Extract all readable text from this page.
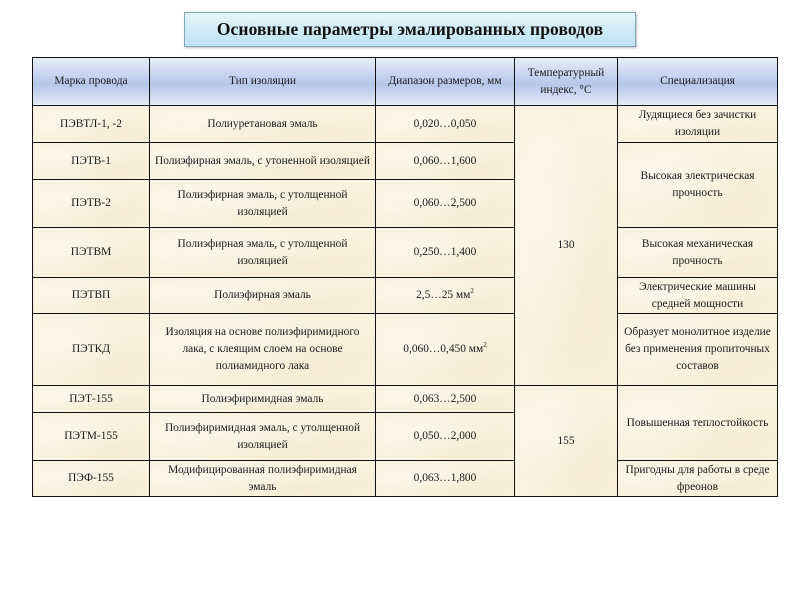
Основные параметры эмалированных проводов
Марка провода	Тип изоляции	Диапазон размеров, мм	Температурный индекс, °С	Специализация
ПЭВТЛ-1, -2	Полиуретановая эмаль	0,020…0,050	130	Лудящиеся без зачистки изоляции
ПЭТВ-1	Полиэфирная эмаль, с утоненной изоляцией	0,060…1,600		Высокая электрическая прочность
ПЭТВ-2	Полиэфирная эмаль, с утолщенной изоляцией	0,060…2,500		
ПЭТВМ	Полиэфирная эмаль, с утолщенной изоляцией	0,250…1,400		Высокая механическая прочность
ПЭТВП	Полиэфирная эмаль	2,5…25 $мм^2$		Электрические машины средней мощности
ПЭТКД	Изоляция на основе полиэфиримидного лака, с клеящим слоем на основе полиамидного лака	0,060…0,450 $мм^2$		Образует монолитное изделие без применения пропиточных составов
ПЭТ-155	Полиэфиримидная эмаль	0,063…2,500	155	Повышенная теплостойкость
ПЭТМ-155	Полиэфиримидная эмаль, с утолщенной изоляцией	0,050…2,000		
ПЭФ-155	Модифицированная полиэфиримидная эмаль	0,063…1,800		Пригодны для работы в среде фреонов
